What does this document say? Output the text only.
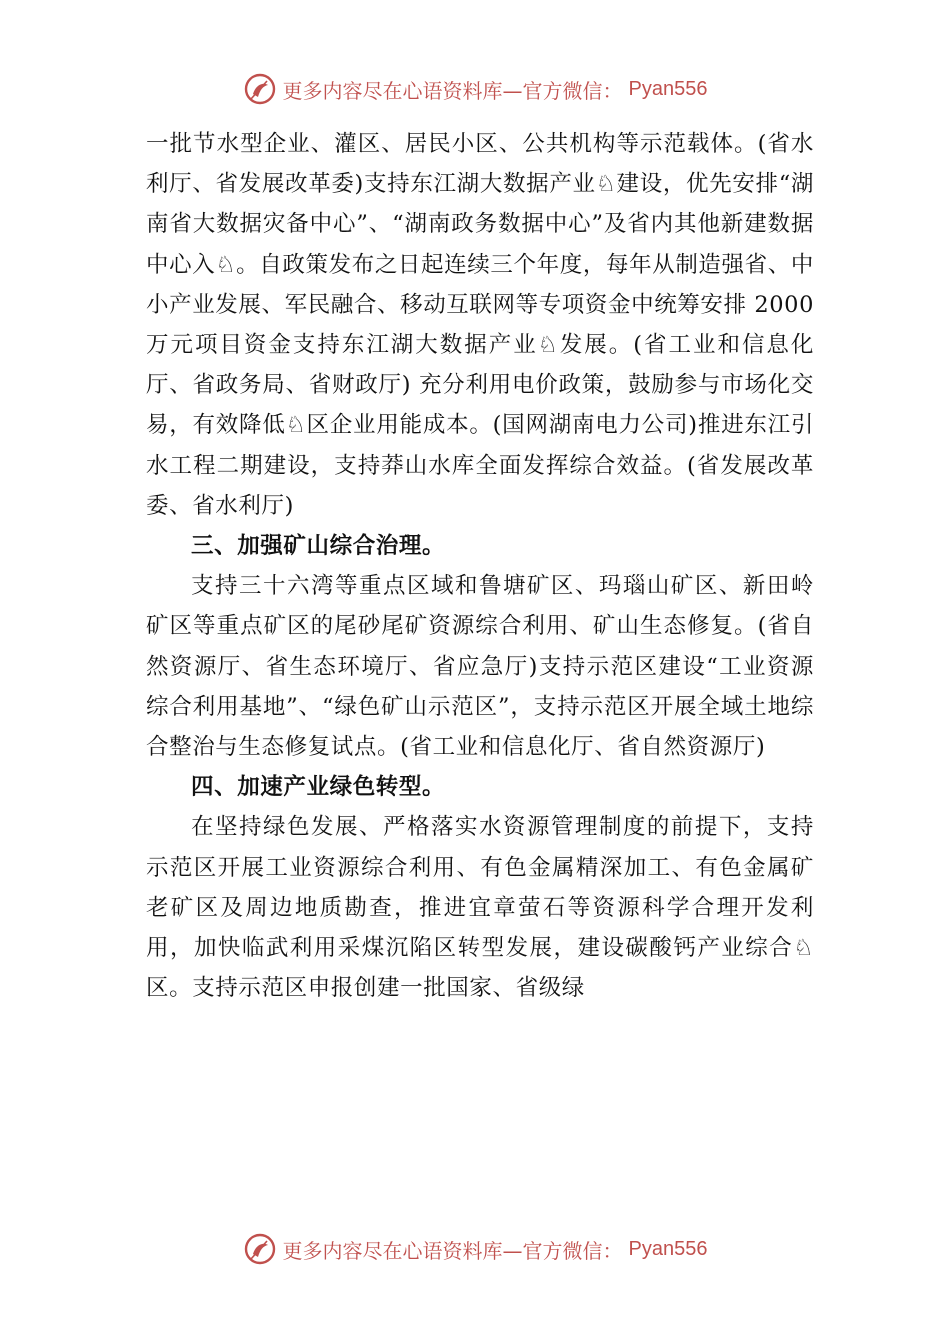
更多内容尽在心语资料库—官方微信： Pyan556

一批节水型企业、灌区、居民小区、公共机构等示范载体。(省水利厅、省发展改革委)支持东江湖大数据产业♘建设，优先安排“湖南省大数据灾备中心”、“湖南政务数据中心”及省内其他新建数据中心入♘。自政策发布之日起连续三个年度，每年从制造强省、中小产业发展、军民融合、移动互联网等专项资金中统筹安排 2000 万元项目资金支持东江湖大数据产业♘发展。(省工业和信息化厅、省政务局、省财政厅) 充分利用电价政策，鼓励参与市场化交易，有效降低♘区企业用能成本。(国网湖南电力公司)推进东江引水工程二期建设，支持莽山水库全面发挥综合效益。(省发展改革委、省水利厅)

三、加强矿山综合治理。

支持三十六湾等重点区域和鲁塘矿区、玛瑙山矿区、新田岭矿区等重点矿区的尾砂尾矿资源综合利用、矿山生态修复。(省自然资源厅、省生态环境厅、省应急厅)支持示范区建设“工业资源综合利用基地”、“绿色矿山示范区”，支持示范区开展全域土地综合整治与生态修复试点。(省工业和信息化厅、省自然资源厅)

四、加速产业绿色转型。

在坚持绿色发展、严格落实水资源管理制度的前提下，支持示范区开展工业资源综合利用、有色金属精深加工、有色金属矿老矿区及周边地质勘查，推进宜章萤石等资源科学合理开发利用，加快临武利用采煤沉陷区转型发展，建设碳酸钙产业综合♘区。支持示范区申报创建一批国家、省级绿

更多内容尽在心语资料库—官方微信： Pyan556
